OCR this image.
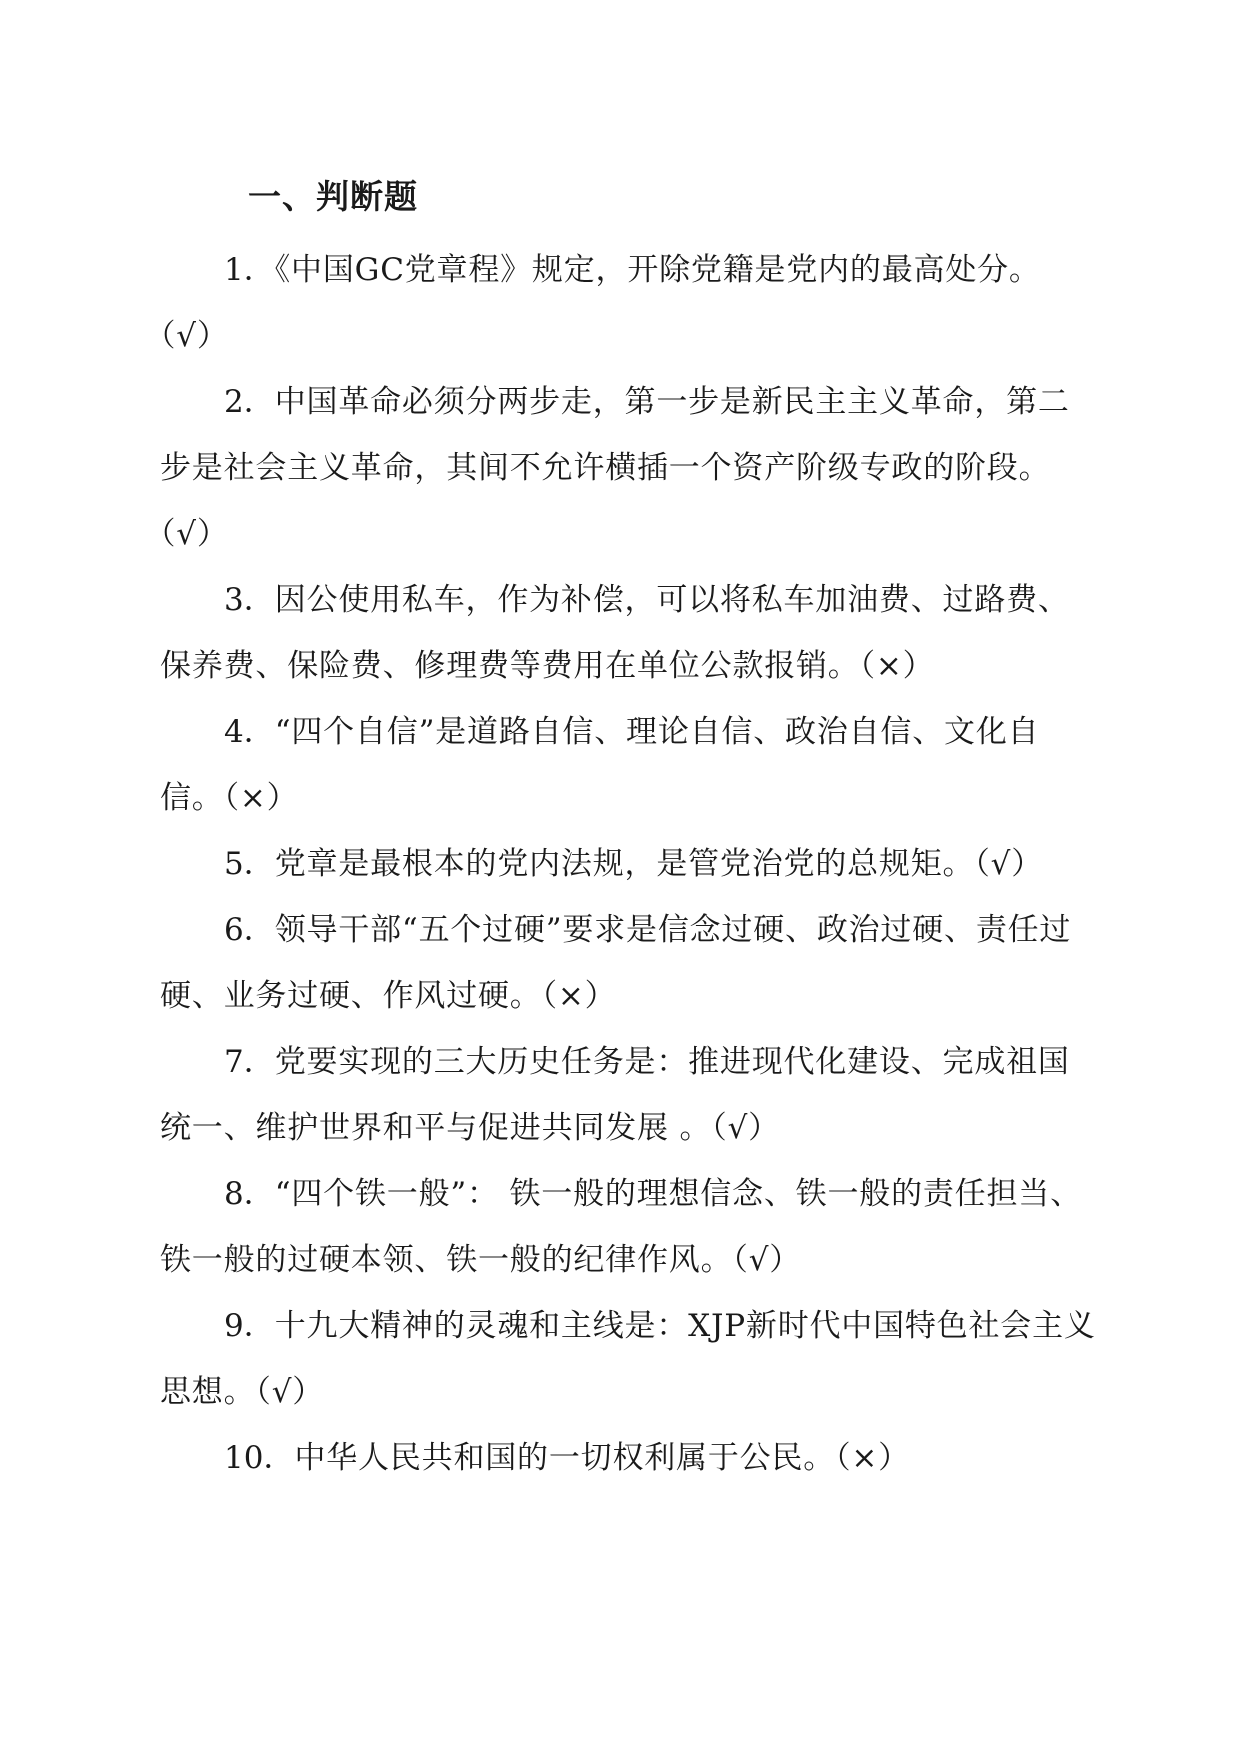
一、判断题
1．《中国GC党章程》规定，开除党籍是党内的最高处分。（√）
2．中国革命必须分两步走，第一步是新民主主义革命，第二步是社会主义革命，其间不允许横插一个资产阶级专政的阶段。（√）
3．因公使用私车，作为补偿，可以将私车加油费、过路费、保养费、保险费、修理费等费用在单位公款报销。（×）
4．“四个自信”是道路自信、理论自信、政治自信、文化自信。（×）
5．党章是最根本的党内法规，是管党治党的总规矩。（√）
6．领导干部“五个过硬”要求是信念过硬、政治过硬、责任过硬、业务过硬、作风过硬。（×）
7．党要实现的三大历史任务是：推进现代化建设、完成祖国统一、维护世界和平与促进共同发展 。（√）
8．“四个铁一般”： 铁一般的理想信念、铁一般的责任担当、铁一般的过硬本领、铁一般的纪律作风。（√）
9．十九大精神的灵魂和主线是：XJP新时代中国特色社会主义思想。（√）
10．中华人民共和国的一切权利属于公民。（×）
